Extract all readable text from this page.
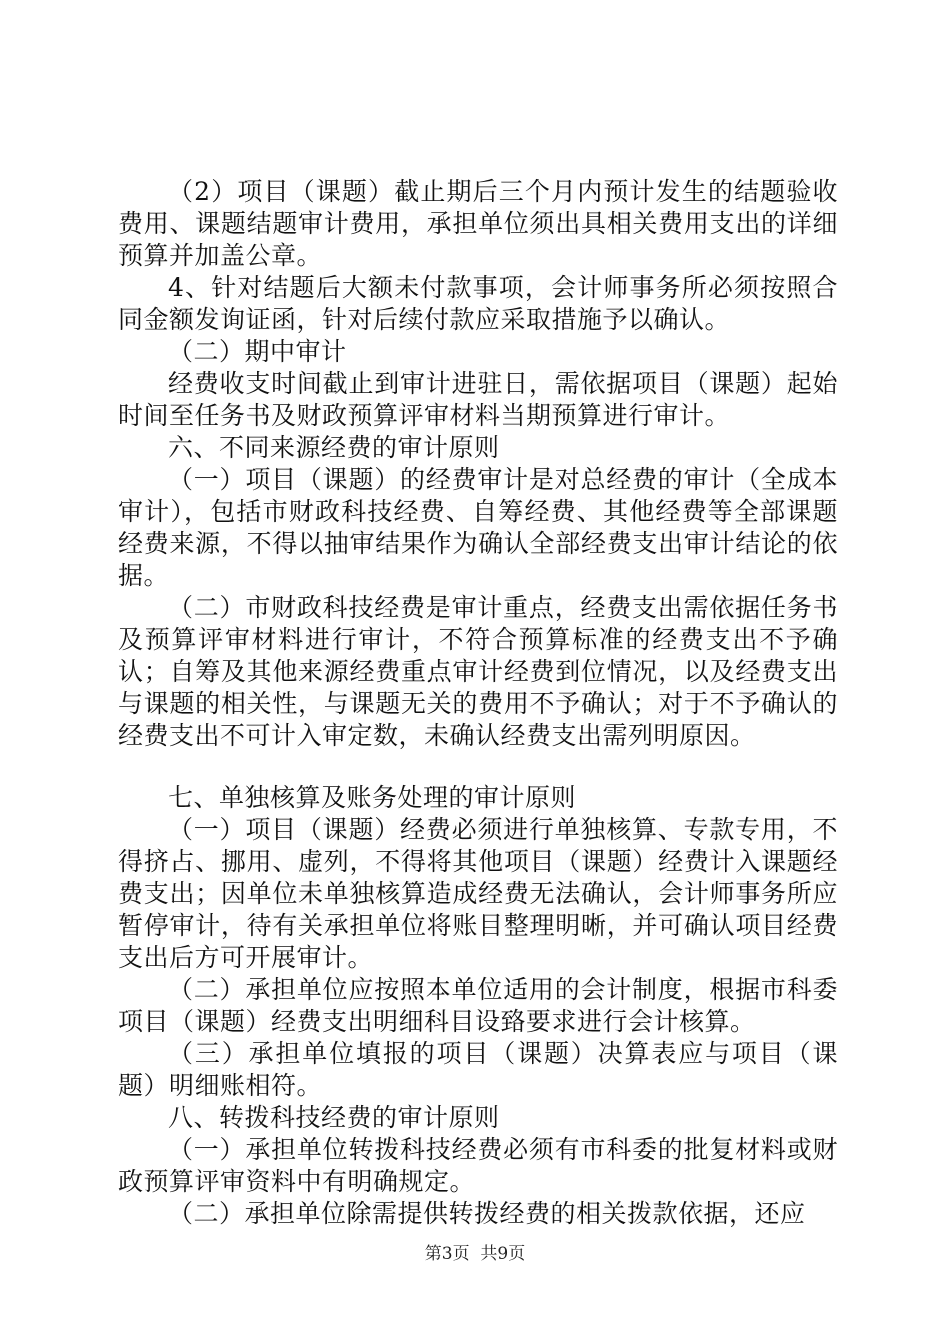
（2）项目（课题）截止期后三个月内预计发生的结题验收费用、课题结题审计费用，承担单位须出具相关费用支出的详细预算并加盖公章。

4、针对结题后大额未付款事项，会计师事务所必须按照合同金额发询证函，针对后续付款应采取措施予以确认。

（二）期中审计

经费收支时间截止到审计进驻日，需依据项目（课题）起始时间至任务书及财政预算评审材料当期预算进行审计。

六、不同来源经费的审计原则

（一）项目（课题）的经费审计是对总经费的审计（全成本审计），包括市财政科技经费、自筹经费、其他经费等全部课题经费来源，不得以抽审结果作为确认全部经费支出审计结论的依据。

（二）市财政科技经费是审计重点，经费支出需依据任务书及预算评审材料进行审计，不符合预算标准的经费支出不予确认；自筹及其他来源经费重点审计经费到位情况，以及经费支出与课题的相关性，与课题无关的费用不予确认；对于不予确认的经费支出不可计入审定数，未确认经费支出需列明原因。

七、单独核算及账务处理的审计原则

（一）项目（课题）经费必须进行单独核算、专款专用，不得挤占、挪用、虚列，不得将其他项目（课题）经费计入课题经费支出；因单位未单独核算造成经费无法确认，会计师事务所应暂停审计，待有关承担单位将账目整理明晰，并可确认项目经费支出后方可开展审计。

（二）承担单位应按照本单位适用的会计制度，根据市科委项目（课题）经费支出明细科目设臵要求进行会计核算。

（三）承担单位填报的项目（课题）决算表应与项目（课题）明细账相符。

八、转拨科技经费的审计原则

（一）承担单位转拨科技经费必须有市科委的批复材料或财政预算评审资料中有明确规定。

（二）承担单位除需提供转拨经费的相关拨款依据，还应

第3页  共9页
